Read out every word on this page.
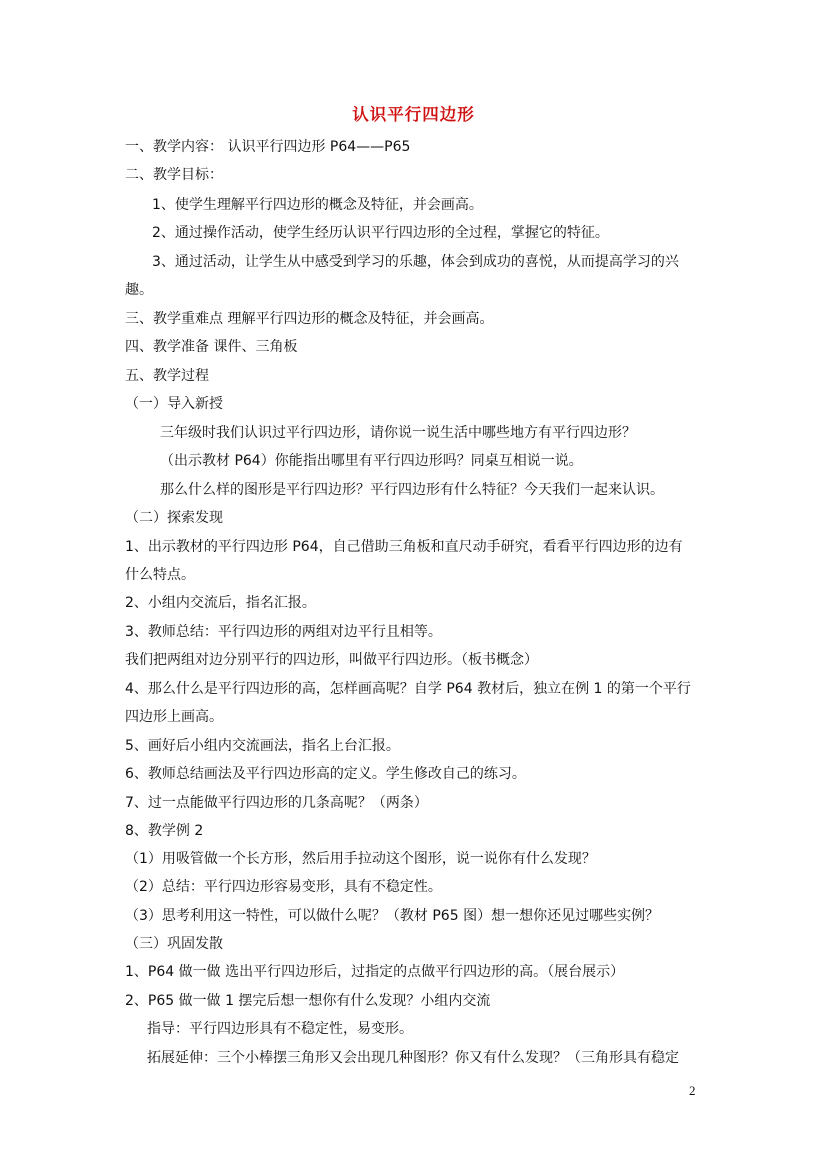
认识平行四边形
一、教学内容： 认识平行四边形 P64——P65
二、教学目标：
1、使学生理解平行四边形的概念及特征，并会画高。
2、通过操作活动，使学生经历认识平行四边形的全过程，掌握它的特征。
3、通过活动，让学生从中感受到学习的乐趣，体会到成功的喜悦，从而提高学习的兴
趣。
三、教学重难点 理解平行四边形的概念及特征，并会画高。
四、教学准备 课件、三角板
五、教学过程
（一）导入新授
三年级时我们认识过平行四边形，请你说一说生活中哪些地方有平行四边形？
（出示教材 P64）你能指出哪里有平行四边形吗？同桌互相说一说。
那么什么样的图形是平行四边形？平行四边形有什么特征？今天我们一起来认识。
（二）探索发现
1、出示教材的平行四边形 P64，自己借助三角板和直尺动手研究，看看平行四边形的边有
什么特点。
2、小组内交流后，指名汇报。
3、教师总结：平行四边形的两组对边平行且相等。
我们把两组对边分别平行的四边形，叫做平行四边形。（板书概念）
4、那么什么是平行四边形的高，怎样画高呢？自学 P64 教材后，独立在例 1 的第一个平行
四边形上画高。
5、画好后小组内交流画法，指名上台汇报。
6、教师总结画法及平行四边形高的定义。学生修改自己的练习。
7、过一点能做平行四边形的几条高呢？（两条）
8、教学例 2
（1）用吸管做一个长方形，然后用手拉动这个图形，说一说你有什么发现？
（2）总结：平行四边形容易变形，具有不稳定性。
（3）思考利用这一特性，可以做什么呢？（教材 P65 图）想一想你还见过哪些实例？
（三）巩固发散
1、P64 做一做 选出平行四边形后，过指定的点做平行四边形的高。（展台展示）
2、P65 做一做 1 摆完后想一想你有什么发现？小组内交流
指导：平行四边形具有不稳定性，易变形。
拓展延伸：三个小棒摆三角形又会出现几种图形？你又有什么发现？（三角形具有稳定
2
